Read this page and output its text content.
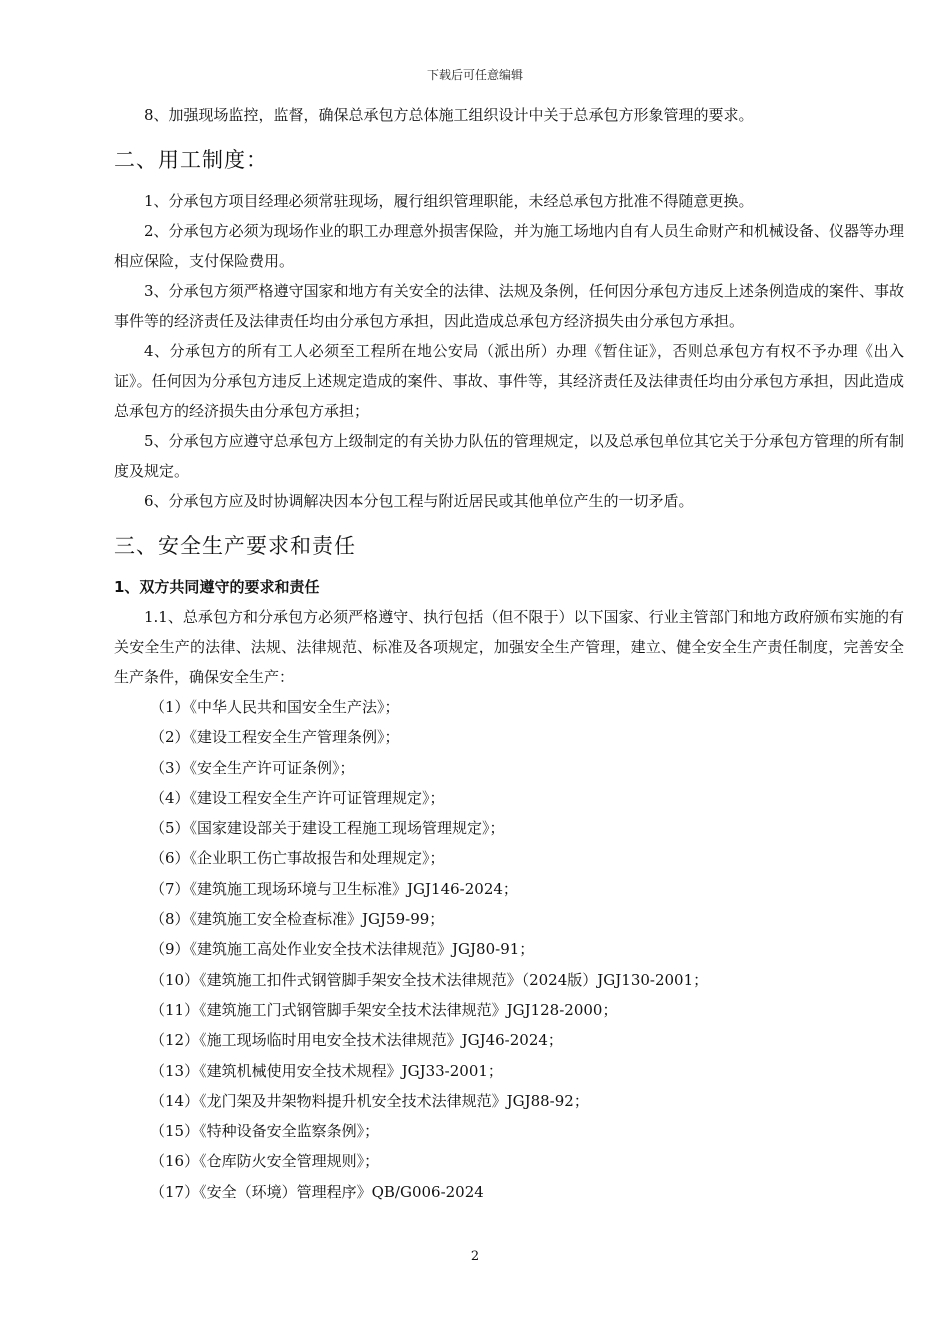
下载后可任意编辑

8、加强现场监控，监督，确保总承包方总体施工组织设计中关于总承包方形象管理的要求。

二、用工制度：

1、分承包方项目经理必须常驻现场，履行组织管理职能，未经总承包方批准不得随意更换。

2、分承包方必须为现场作业的职工办理意外损害保险，并为施工场地内自有人员生命财产和机械设备、仪器等办理相应保险，支付保险费用。

3、分承包方须严格遵守国家和地方有关安全的法律、法规及条例，任何因分承包方违反上述条例造成的案件、事故事件等的经济责任及法律责任均由分承包方承担，因此造成总承包方经济损失由分承包方承担。

4、分承包方的所有工人必须至工程所在地公安局（派出所）办理《暂住证》，否则总承包方有权不予办理《出入证》。任何因为分承包方违反上述规定造成的案件、事故、事件等，其经济责任及法律责任均由分承包方承担，因此造成总承包方的经济损失由分承包方承担；

5、分承包方应遵守总承包方上级制定的有关协力队伍的管理规定，以及总承包单位其它关于分承包方管理的所有制度及规定。

6、分承包方应及时协调解决因本分包工程与附近居民或其他单位产生的一切矛盾。

三、安全生产要求和责任
1、双方共同遵守的要求和责任

1.1、总承包方和分承包方必须严格遵守、执行包括（但不限于）以下国家、行业主管部门和地方政府颁布实施的有关安全生产的法律、法规、法律规范、标准及各项规定，加强安全生产管理，建立、健全安全生产责任制度，完善安全生产条件，确保安全生产：

（1）《中华人民共和国安全生产法》；
（2）《建设工程安全生产管理条例》；
（3）《安全生产许可证条例》；
（4）《建设工程安全生产许可证管理规定》；
（5）《国家建设部关于建设工程施工现场管理规定》；
（6）《企业职工伤亡事故报告和处理规定》；
（7）《建筑施工现场环境与卫生标准》JGJ146-2024；
（8）《建筑施工安全检查标准》JGJ59-99；
（9）《建筑施工高处作业安全技术法律规范》JGJ80-91；
（10）《建筑施工扣件式钢管脚手架安全技术法律规范》（2024版）JGJ130-2001；
（11）《建筑施工门式钢管脚手架安全技术法律规范》JGJ128-2000；
（12）《施工现场临时用电安全技术法律规范》JGJ46-2024；
（13）《建筑机械使用安全技术规程》JGJ33-2001；
（14）《龙门架及井架物料提升机安全技术法律规范》JGJ88-92；
（15）《特种设备安全监察条例》；
（16）《仓库防火安全管理规则》；
（17）《安全（环境）管理程序》QB/G006-2024
2
